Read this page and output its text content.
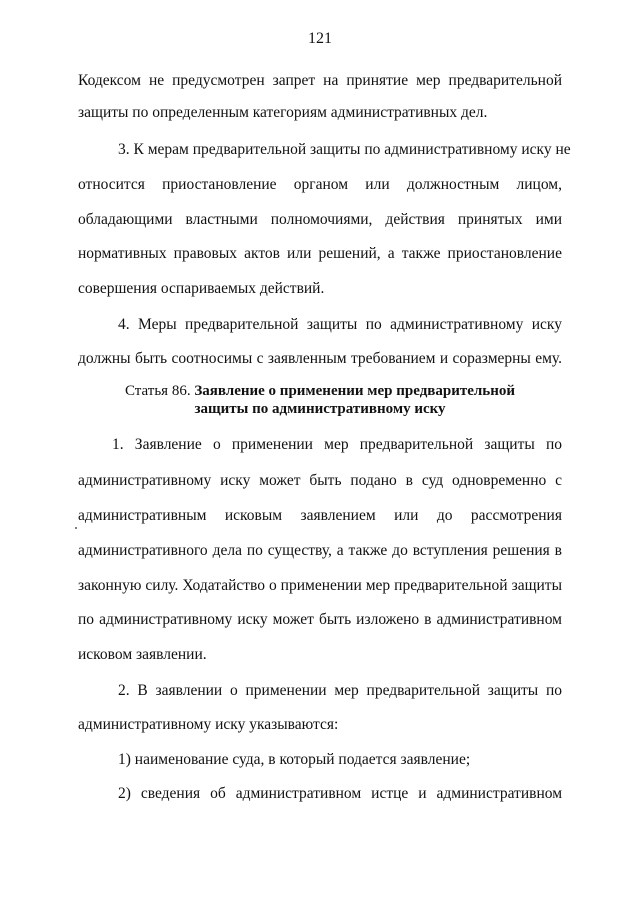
121
Кодексом не предусмотрен запрет на принятие мер предварительной
защиты по определенным категориям административных дел.
3. К мерам предварительной защиты по административному иску не
относится приостановление органом или должностным лицом,
обладающими властными полномочиями, действия принятых ими
нормативных правовых актов или решений, а также приостановление
совершения оспариваемых действий.
4. Меры предварительной защиты по административному иску
должны быть соотносимы с заявленным требованием и соразмерны ему.
Статья 86. Заявление о применении мер предварительной
защиты по административному иску
1. Заявление о применении мер предварительной защиты по
административному иску может быть подано в суд одновременно с
административным исковым заявлением или до рассмотрения
административного дела по существу, а также до вступления решения в
законную силу. Ходатайство о применении мер предварительной защиты
по административному иску может быть изложено в административном
исковом заявлении.
2. В заявлении о применении мер предварительной защиты по
административному иску указываются:
1) наименование суда, в который подается заявление;
2) сведения об административном истце и административном
